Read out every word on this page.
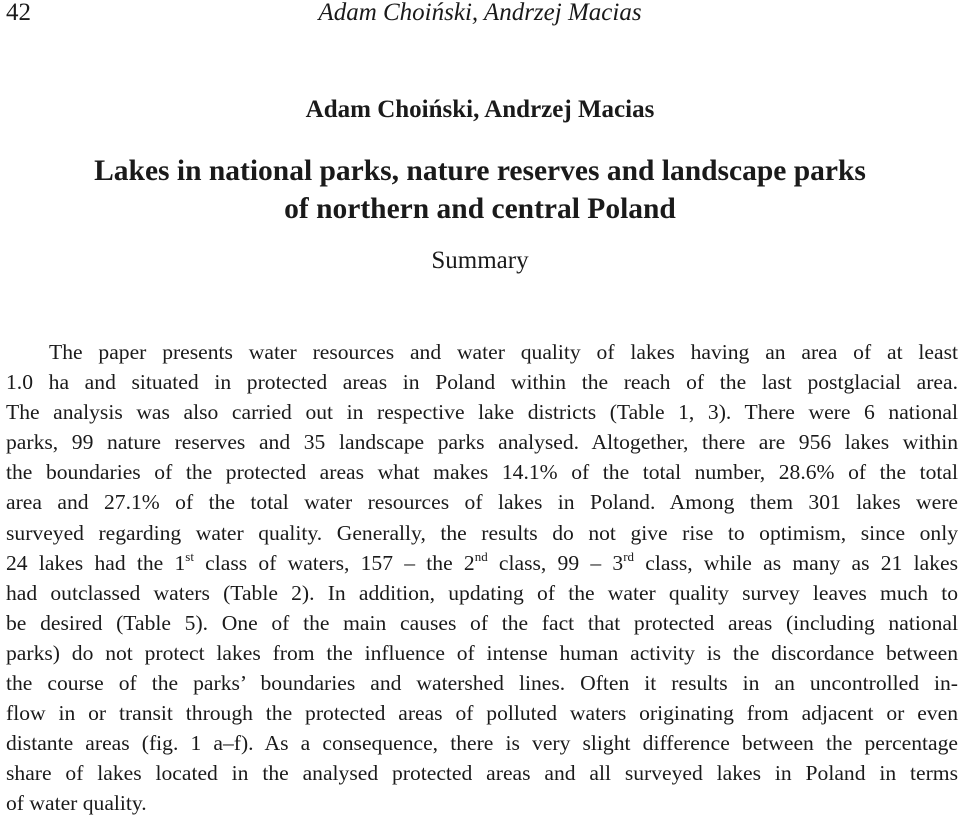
42	Adam Choiński, Andrzej Macias
Adam Choiński, Andrzej Macias
Lakes in national parks, nature reserves and landscape parks
of northern and central Poland
Summary
The paper presents water resources and water quality of lakes having an area of at least
1.0 ha and situated in protected areas in Poland within the reach of the last postglacial area.
The analysis was also carried out in respective lake districts (Table 1, 3). There were 6 national
parks, 99 nature reserves and 35 landscape parks analysed. Altogether, there are 956 lakes within
the boundaries of the protected areas what makes 14.1% of the total number, 28.6% of the total
area and 27.1% of the total water resources of lakes in Poland. Among them 301 lakes were
surveyed regarding water quality. Generally, the results do not give rise to optimism, since only
24 lakes had the 1st class of waters, 157 – the 2nd class, 99 – 3rd class, while as many as 21 lakes
had outclassed waters (Table 2). In addition, updating of the water quality survey leaves much to
be desired (Table 5). One of the main causes of the fact that protected areas (including national
parks) do not protect lakes from the influence of intense human activity is the discordance between
the course of the parks’ boundaries and watershed lines. Often it results in an uncontrolled in-
flow in or transit through the protected areas of polluted waters originating from adjacent or even
distante areas (fig. 1 a–f). As a consequence, there is very slight difference between the percentage
share of lakes located in the analysed protected areas and all surveyed lakes in Poland in terms
of water quality.
